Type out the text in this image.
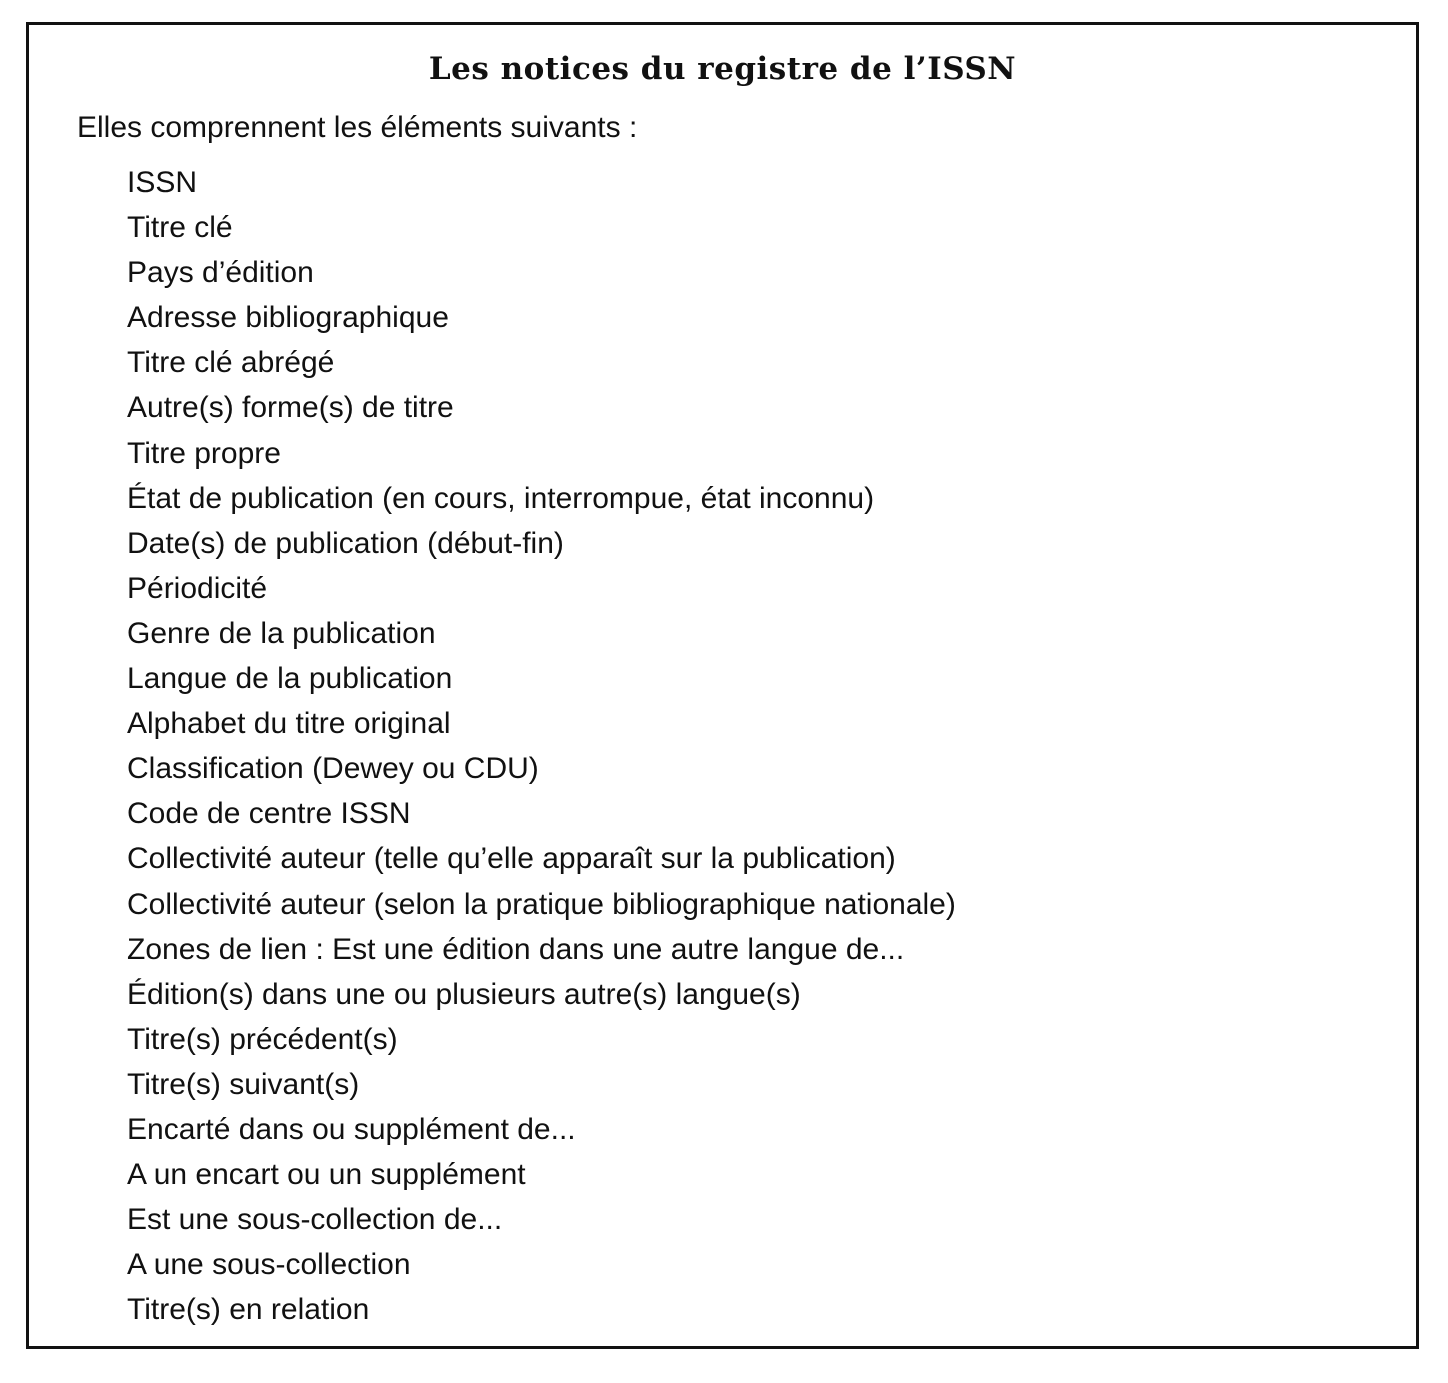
Les notices du registre de l’ISSN
Elles comprennent les éléments suivants :
ISSN
Titre clé
Pays d’édition
Adresse bibliographique
Titre clé abrégé
Autre(s) forme(s) de titre
Titre propre
État de publication (en cours, interrompue, état inconnu)
Date(s) de publication (début-fin)
Périodicité
Genre de la publication
Langue de la publication
Alphabet du titre original
Classification (Dewey ou CDU)
Code de centre ISSN
Collectivité auteur (telle qu’elle apparaît sur la publication)
Collectivité auteur (selon la pratique bibliographique nationale)
Zones de lien : Est une édition dans une autre langue de...
Édition(s) dans une ou plusieurs autre(s) langue(s)
Titre(s) précédent(s)
Titre(s) suivant(s)
Encarté dans ou supplément de...
A un encart ou un supplément
Est une sous-collection de...
A une sous-collection
Titre(s) en relation
